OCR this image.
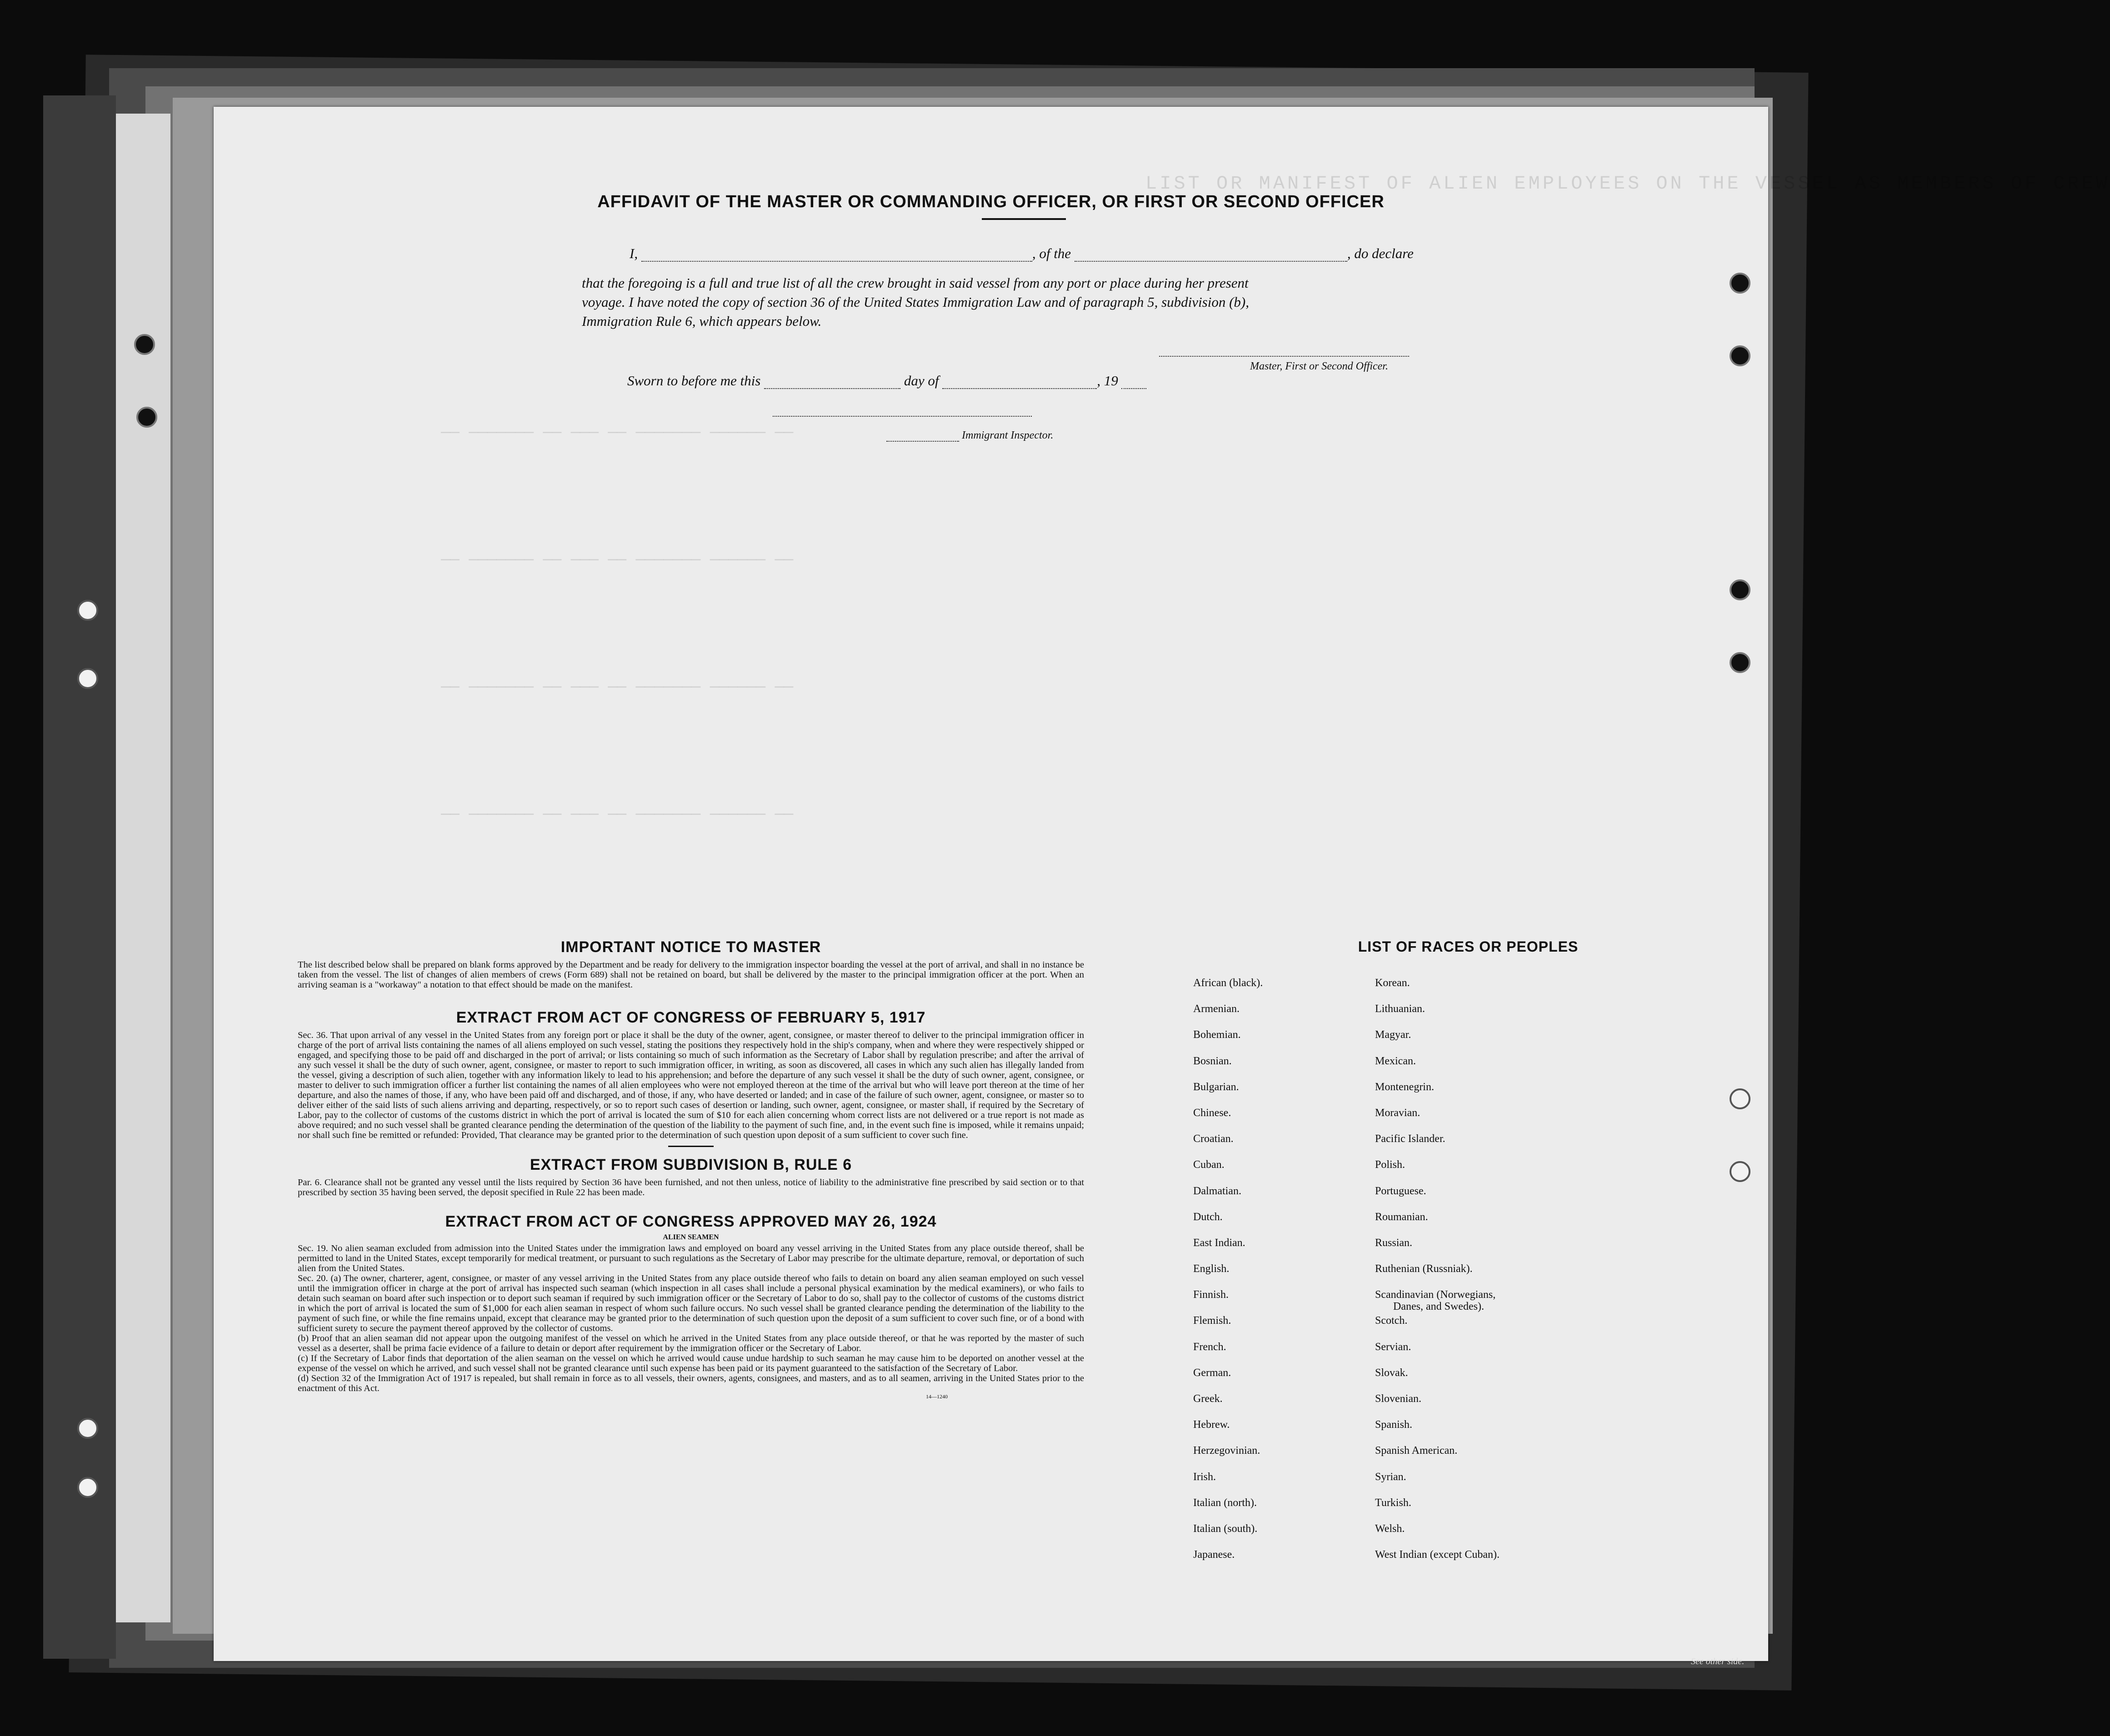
LIST OR MANIFEST OF ALIEN EMPLOYEES ON THE VESSEL AS MEMBERS OF CREW
── ─────── ── ─── ── ─────── ────── ──
── ─────── ── ─── ── ─────── ────── ──
── ─────── ── ─── ── ─────── ────── ──
── ─────── ── ─── ── ─────── ────── ──
AFFIDAVIT OF THE MASTER OR COMMANDING OFFICER, OR FIRST OR SECOND OFFICER
I,	, of the	, do declare
that the foregoing is a full and true list of all the crew brought in said vessel from any port or place during her present
voyage. I have noted the copy of section 36 of the United States Immigration Law and of paragraph 5, subdivision (b),
Immigration Rule 6, which appears below.
Master, First or Second Officer.
Sworn to before me this	day of	, 19
Immigrant Inspector.
IMPORTANT NOTICE TO MASTER

The list described below shall be prepared on blank forms approved by the Department and be ready for delivery to the immigration inspector boarding the vessel at the port of arrival, and shall in no instance be taken from the vessel. The list of changes of alien members of crews (Form 689) shall not be retained on board, but shall be delivered by the master to the principal immigration officer at the port. When an arriving seaman is a "workaway" a notation to that effect should be made on the manifest.

EXTRACT FROM ACT OF CONGRESS OF FEBRUARY 5, 1917

Sec. 36. That upon arrival of any vessel in the United States from any foreign port or place it shall be the duty of the owner, agent, consignee, or master thereof to deliver to the principal immigration officer in charge of the port of arrival lists containing the names of all aliens employed on such vessel, stating the positions they respectively hold in the ship's company, when and where they were respectively shipped or engaged, and specifying those to be paid off and discharged in the port of arrival; or lists containing so much of such information as the Secretary of Labor shall by regulation prescribe; and after the arrival of any such vessel it shall be the duty of such owner, agent, consignee, or master to report to such immigration officer, in writing, as soon as discovered, all cases in which any such alien has illegally landed from the vessel, giving a description of such alien, together with any information likely to lead to his apprehension; and before the departure of any such vessel it shall be the duty of such owner, agent, consignee, or master to deliver to such immigration officer a further list containing the names of all alien employees who were not employed thereon at the time of the arrival but who will leave port thereon at the time of her departure, and also the names of those, if any, who have been paid off and discharged, and of those, if any, who have deserted or landed; and in case of the failure of such owner, agent, consignee, or master so to deliver either of the said lists of such aliens arriving and departing, respectively, or so to report such cases of desertion or landing, such owner, agent, consignee, or master shall, if required by the Secretary of Labor, pay to the collector of customs of the customs district in which the port of arrival is located the sum of $10 for each alien concerning whom correct lists are not delivered or a true report is not made as above required; and no such vessel shall be granted clearance pending the determination of the question of the liability to the payment of such fine, and, in the event such fine is imposed, while it remains unpaid; nor shall such fine be remitted or refunded: Provided, That clearance may be granted prior to the determination of such question upon deposit of a sum sufficient to cover such fine.

EXTRACT FROM SUBDIVISION B, RULE 6

Par. 6. Clearance shall not be granted any vessel until the lists required by Section 36 have been furnished, and not then unless, notice of liability to the administrative fine prescribed by said section or to that prescribed by section 35 having been served, the deposit specified in Rule 22 has been made.

EXTRACT FROM ACT OF CONGRESS APPROVED MAY 26, 1924
ALIEN SEAMEN

Sec. 19. No alien seaman excluded from admission into the United States under the immigration laws and employed on board any vessel arriving in the United States from any place outside thereof, shall be permitted to land in the United States, except temporarily for medical treatment, or pursuant to such regulations as the Secretary of Labor may prescribe for the ultimate departure, removal, or deportation of such alien from the United States.

Sec. 20. (a) The owner, charterer, agent, consignee, or master of any vessel arriving in the United States from any place outside thereof who fails to detain on board any alien seaman employed on such vessel until the immigration officer in charge at the port of arrival has inspected such seaman (which inspection in all cases shall include a personal physical examination by the medical examiners), or who fails to detain such seaman on board after such inspection or to deport such seaman if required by such immigration officer or the Secretary of Labor to do so, shall pay to the collector of customs of the customs district in which the port of arrival is located the sum of $1,000 for each alien seaman in respect of whom such failure occurs. No such vessel shall be granted clearance pending the determination of the liability to the payment of such fine, or while the fine remains unpaid, except that clearance may be granted prior to the determination of such question upon the deposit of a sum sufficient to cover such fine, or of a bond with sufficient surety to secure the payment thereof approved by the collector of customs.

(b) Proof that an alien seaman did not appear upon the outgoing manifest of the vessel on which he arrived in the United States from any place outside thereof, or that he was reported by the master of such vessel as a deserter, shall be prima facie evidence of a failure to detain or deport after requirement by the immigration officer or the Secretary of Labor.

(c) If the Secretary of Labor finds that deportation of the alien seaman on the vessel on which he arrived would cause undue hardship to such seaman he may cause him to be deported on another vessel at the expense of the vessel on which he arrived, and such vessel shall not be granted clearance until such expense has been paid or its payment guaranteed to the satisfaction of the Secretary of Labor.

(d) Section 32 of the Immigration Act of 1917 is repealed, but shall remain in force as to all vessels, their owners, agents, consignees, and masters, and as to all seamen, arriving in the United States prior to the enactment of this Act.

14—1240
LIST OF RACES OR PEOPLES
African (black).
Armenian.
Bohemian.
Bosnian.
Bulgarian.
Chinese.
Croatian.
Cuban.
Dalmatian.
Dutch.
East Indian.
English.
Finnish.
Flemish.
French.
German.
Greek.
Hebrew.
Herzegovinian.
Irish.
Italian (north).
Italian (south).
Japanese.
Korean.
Lithuanian.
Magyar.
Mexican.
Montenegrin.
Moravian.
Pacific Islander.
Polish.
Portuguese.
Roumanian.
Russian.
Ruthenian (Russniak).
Scandinavian (Norwegians,
Danes, and Swedes).
Scotch.
Servian.
Slovak.
Slovenian.
Spanish.
Spanish American.
Syrian.
Turkish.
Welsh.
West Indian (except Cuban).
See other side.
